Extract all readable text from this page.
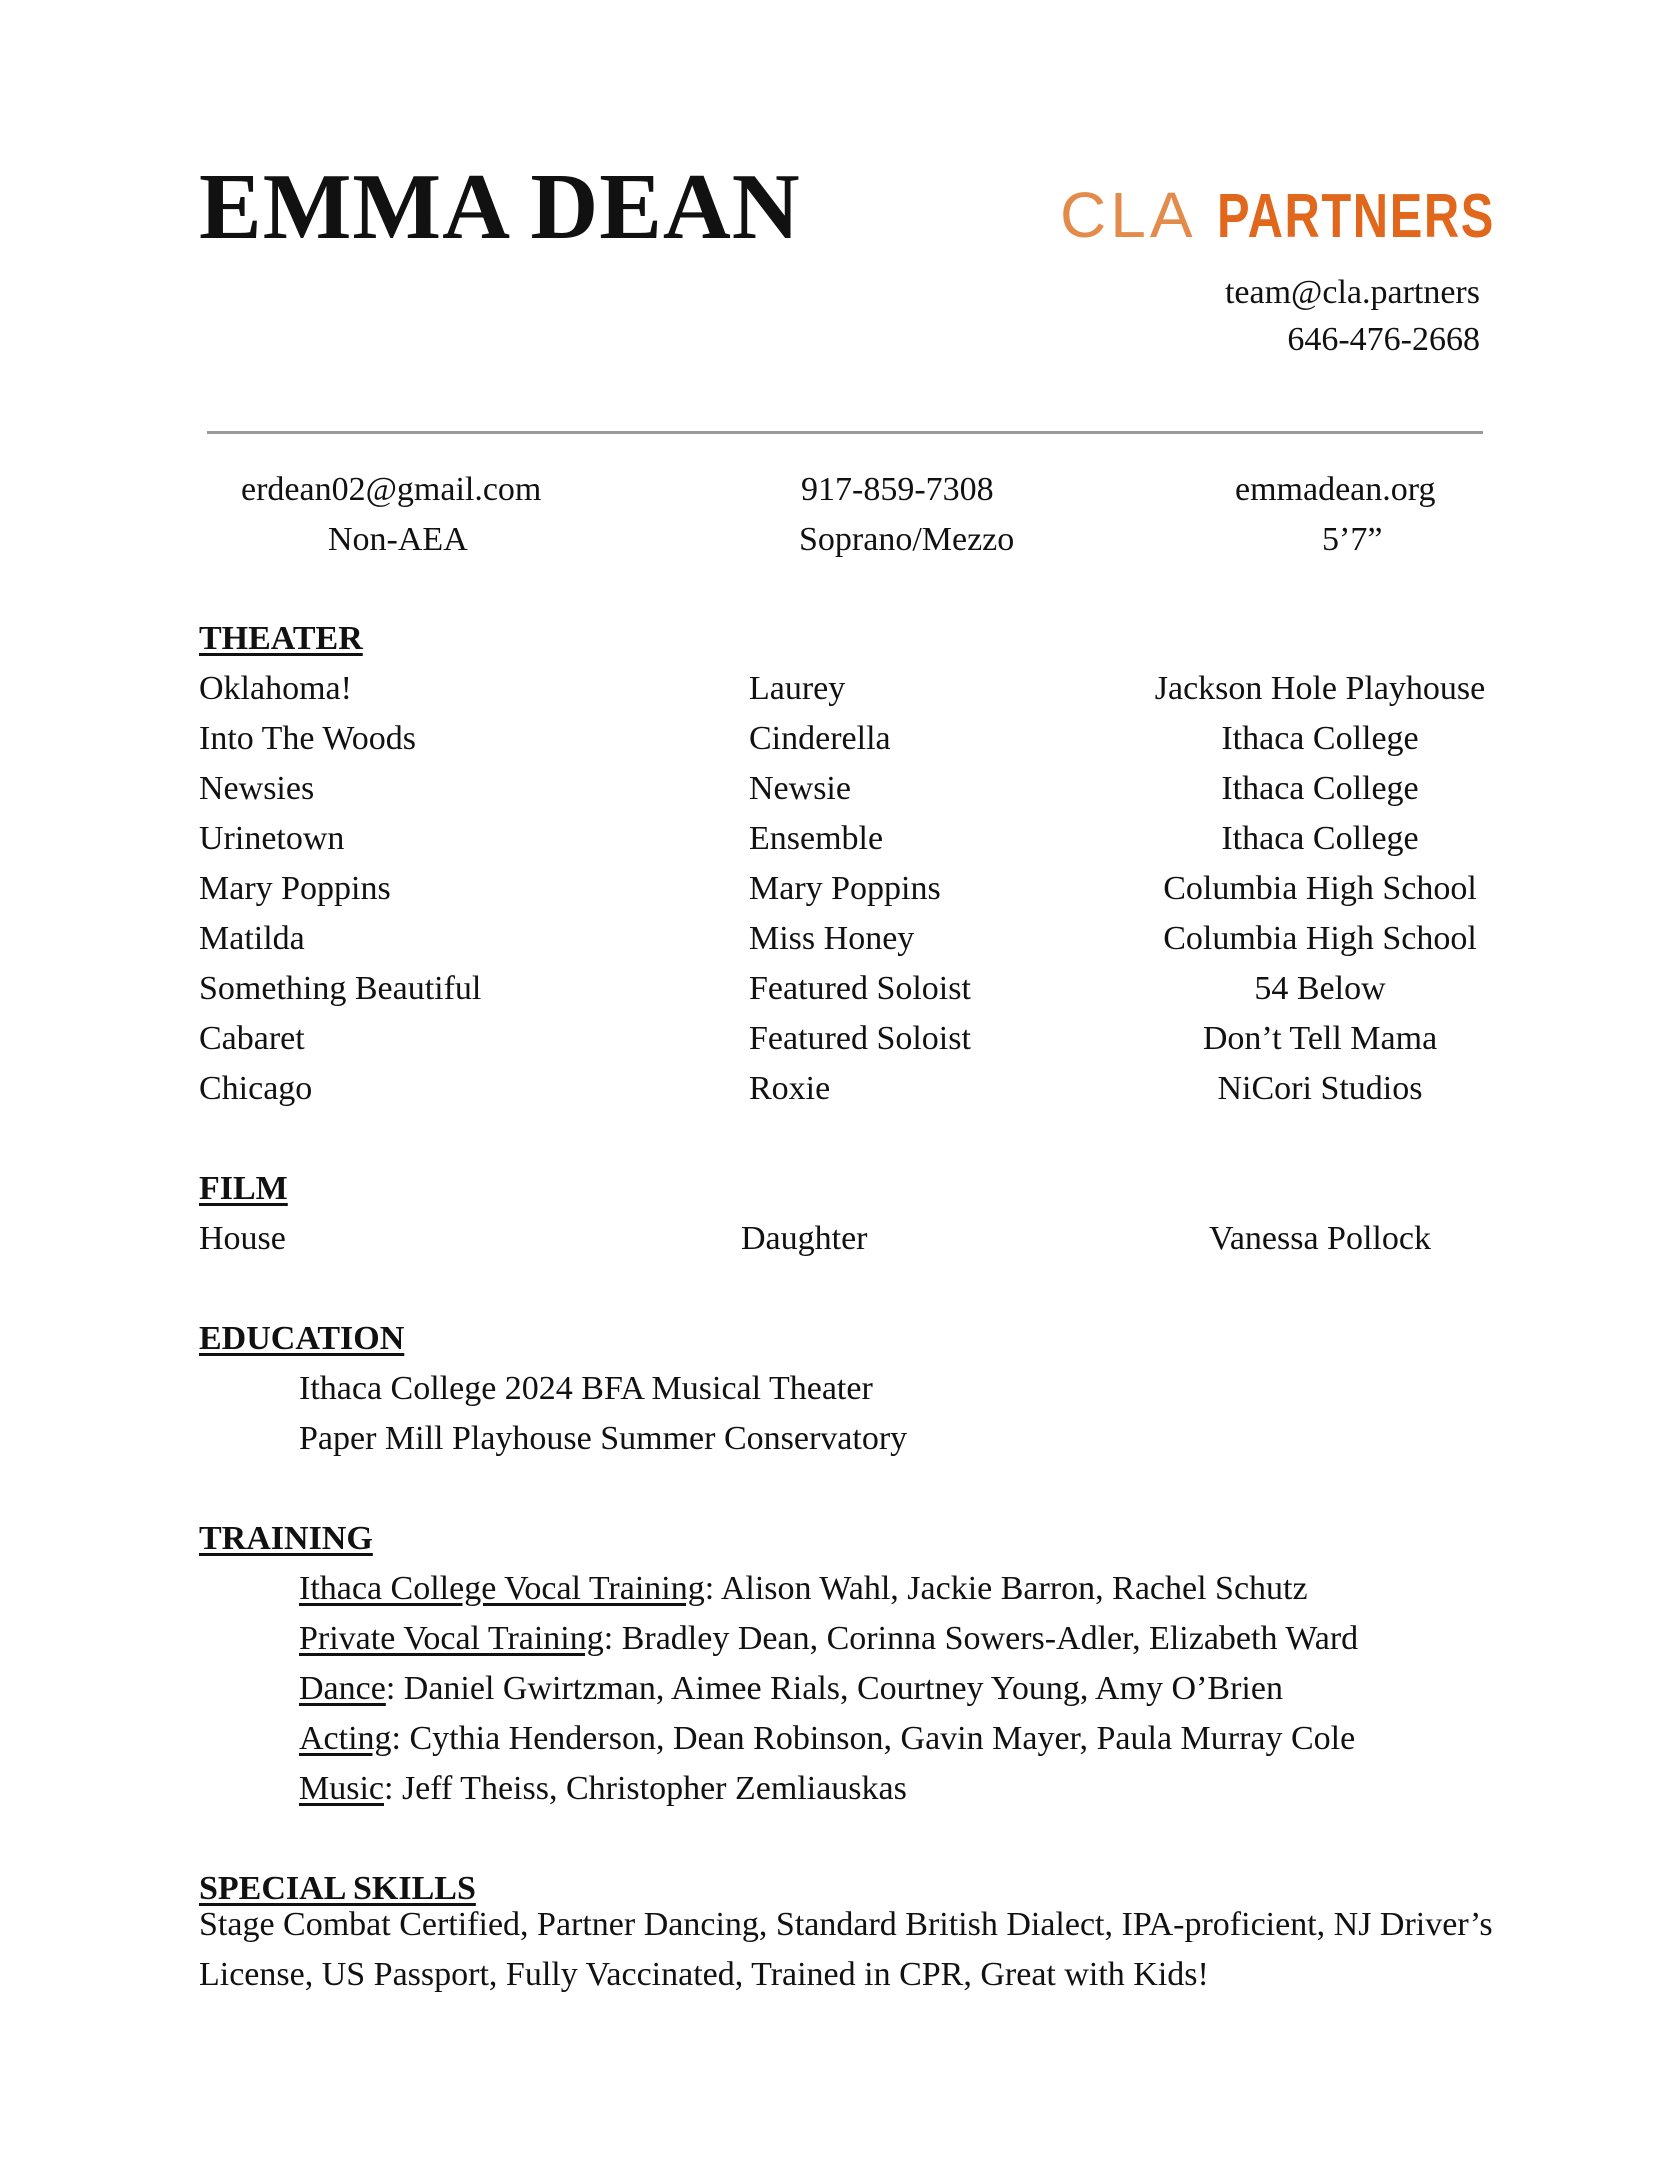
EMMA DEAN	CLA PARTNERS
team@cla.partners
646-476-2668
erdean02@gmail.com	917-859-7308	emmadean.org
Non-AEA	Soprano/Mezzo	5’7”
THEATER
Oklahoma!	Laurey	Jackson Hole Playhouse
Into The Woods	Cinderella	Ithaca College
Newsies	Newsie	Ithaca College
Urinetown	Ensemble	Ithaca College
Mary Poppins	Mary Poppins	Columbia High School
Matilda	Miss Honey	Columbia High School
Something Beautiful	Featured Soloist	54 Below
Cabaret	Featured Soloist	Don’t Tell Mama
Chicago	Roxie	NiCori Studios
FILM
House	Daughter	Vanessa Pollock
EDUCATION
Ithaca College 2024 BFA Musical Theater
Paper Mill Playhouse Summer Conservatory
TRAINING
Ithaca College Vocal Training: Alison Wahl, Jackie Barron, Rachel Schutz
Private Vocal Training: Bradley Dean, Corinna Sowers-Adler, Elizabeth Ward
Dance: Daniel Gwirtzman, Aimee Rials, Courtney Young, Amy O’Brien
Acting: Cythia Henderson, Dean Robinson, Gavin Mayer, Paula Murray Cole
Music: Jeff Theiss, Christopher Zemliauskas
SPECIAL SKILLS
Stage Combat Certified, Partner Dancing, Standard British Dialect, IPA-proficient, NJ Driver’s License, US Passport, Fully Vaccinated, Trained in CPR, Great with Kids!
